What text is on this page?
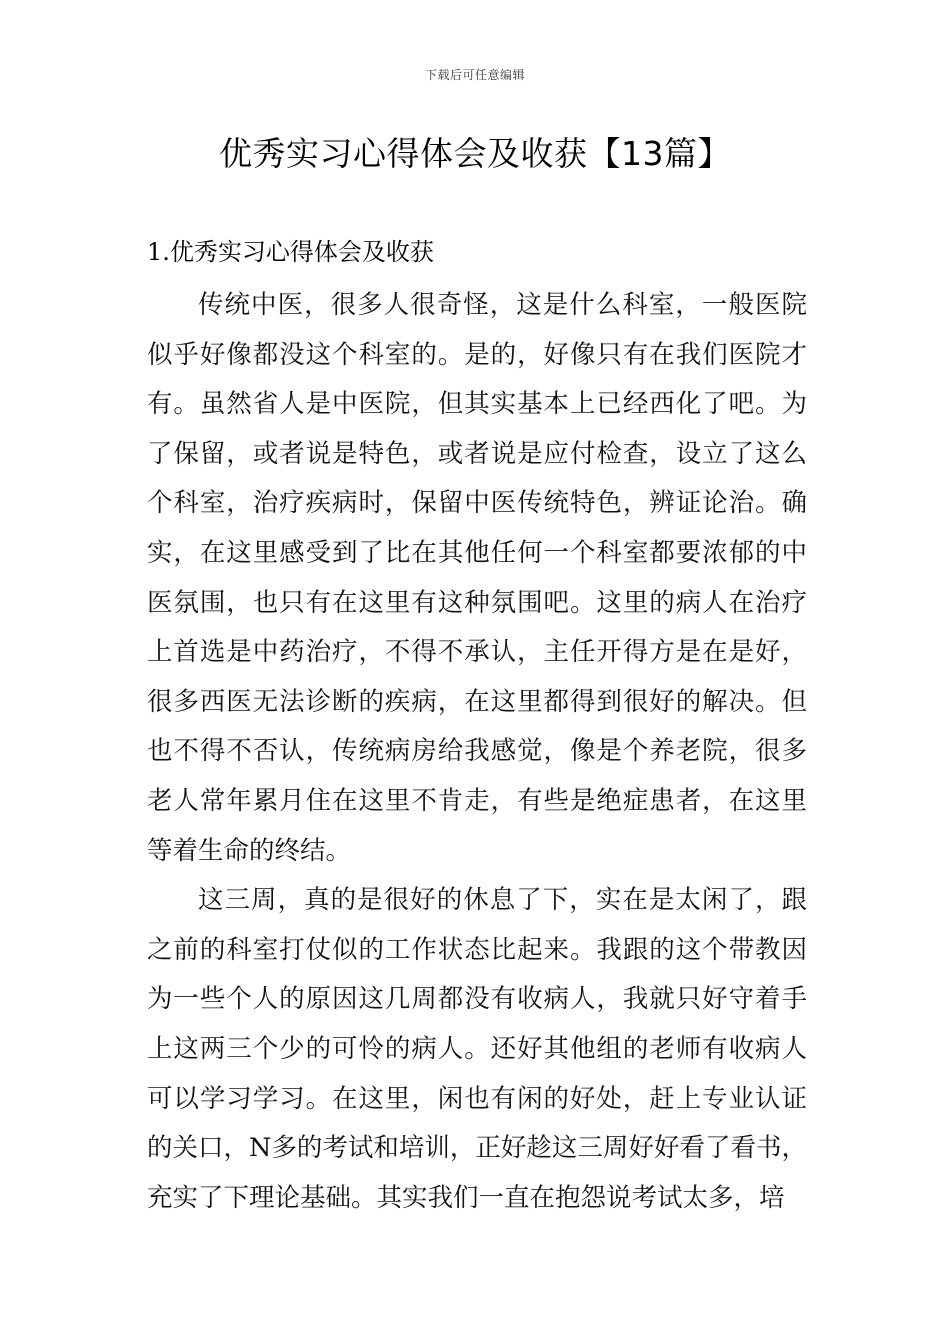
下载后可任意编辑
优秀实习心得体会及收获【13篇】
1.优秀实习心得体会及收获

传统中医，很多人很奇怪，这是什么科室，一般医院似乎好像都没这个科室的。是的，好像只有在我们医院才有。虽然省人是中医院，但其实基本上已经西化了吧。为了保留，或者说是特色，或者说是应付检查，设立了这么个科室，治疗疾病时，保留中医传统特色，辨证论治。确实，在这里感受到了比在其他任何一个科室都要浓郁的中医氛围，也只有在这里有这种氛围吧。这里的病人在治疗上首选是中药治疗，不得不承认，主任开得方是在是好，很多西医无法诊断的疾病，在这里都得到很好的解决。但也不得不否认，传统病房给我感觉，像是个养老院，很多老人常年累月住在这里不肯走，有些是绝症患者，在这里等着生命的终结。

这三周，真的是很好的休息了下，实在是太闲了，跟之前的科室打仗似的工作状态比起来。我跟的这个带教因为一些个人的原因这几周都没有收病人，我就只好守着手上这两三个少的可怜的病人。还好其他组的老师有收病人可以学习学习。在这里，闲也有闲的好处，赶上专业认证的关口，N多的考试和培训，正好趁这三周好好看了看书，充实了下理论基础。其实我们一直在抱怨说考试太多，培
